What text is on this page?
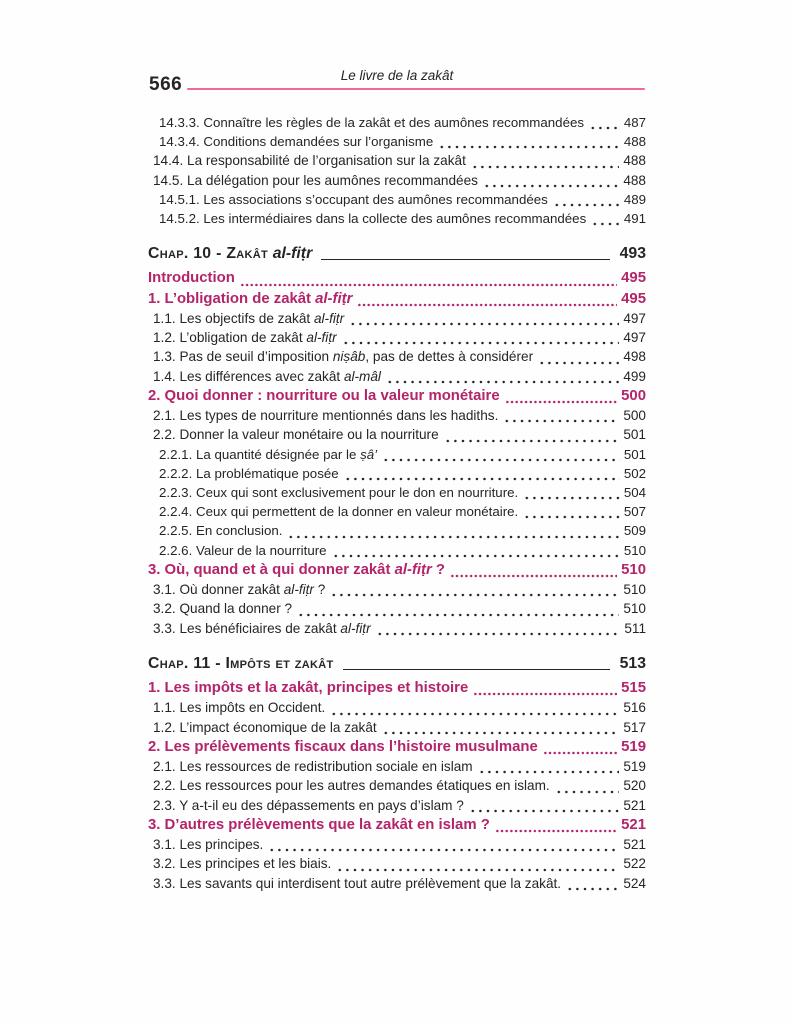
566	Le livre de la zakât
14.3.3. Connaître les règles de la zakât et des aumônes recommandées	487
14.3.4. Conditions demandées sur l’organisme	488
14.4. La responsabilité de l’organisation sur la zakât	488
14.5. La délégation pour les aumônes recommandées	488
14.5.1. Les associations s’occupant des aumônes recommandées	489
14.5.2. Les intermédiaires dans la collecte des aumônes recommandées	491
Chap. 10 - Zakât al-fiṭr	493
Introduction	495
1. L’obligation de zakât al-fiṭr	495
1.1. Les objectifs de zakât al-fiṭr	497
1.2. L’obligation de zakât al-fiṭr	497
1.3. Pas de seuil d’imposition niṣâb, pas de dettes à considérer	498
1.4. Les différences avec zakât al-mâl	499
2. Quoi donner : nourriture ou la valeur monétaire	500
2.1. Les types de nourriture mentionnés dans les hadiths.	500
2.2. Donner la valeur monétaire ou la nourriture	501
2.2.1. La quantité désignée par le ṣâ’	501
2.2.2. La problématique posée	502
2.2.3. Ceux qui sont exclusivement pour le don en nourriture.	504
2.2.4. Ceux qui permettent de la donner en valeur monétaire.	507
2.2.5. En conclusion.	509
2.2.6. Valeur de la nourriture	510
3. Où, quand et à qui donner zakât al-fiṭr ?	510
3.1. Où donner zakât al-fiṭr ?	510
3.2. Quand la donner ?	510
3.3. Les bénéficiaires de zakât al-fiṭr	511
Chap. 11 - Impôts et zakât	513
1. Les impôts et la zakât, principes et histoire	515
1.1. Les impôts en Occident.	516
1.2. L’impact économique de la zakât	517
2. Les prélèvements fiscaux dans l’histoire musulmane	519
2.1. Les ressources de redistribution sociale en islam	519
2.2. Les ressources pour les autres demandes étatiques en islam.	520
2.3. Y a-t-il eu des dépassements en pays d’islam ?	521
3. D’autres prélèvements que la zakât en islam ?	521
3.1. Les principes.	521
3.2. Les principes et les biais.	522
3.3. Les savants qui interdisent tout autre prélèvement que la zakât.	524
